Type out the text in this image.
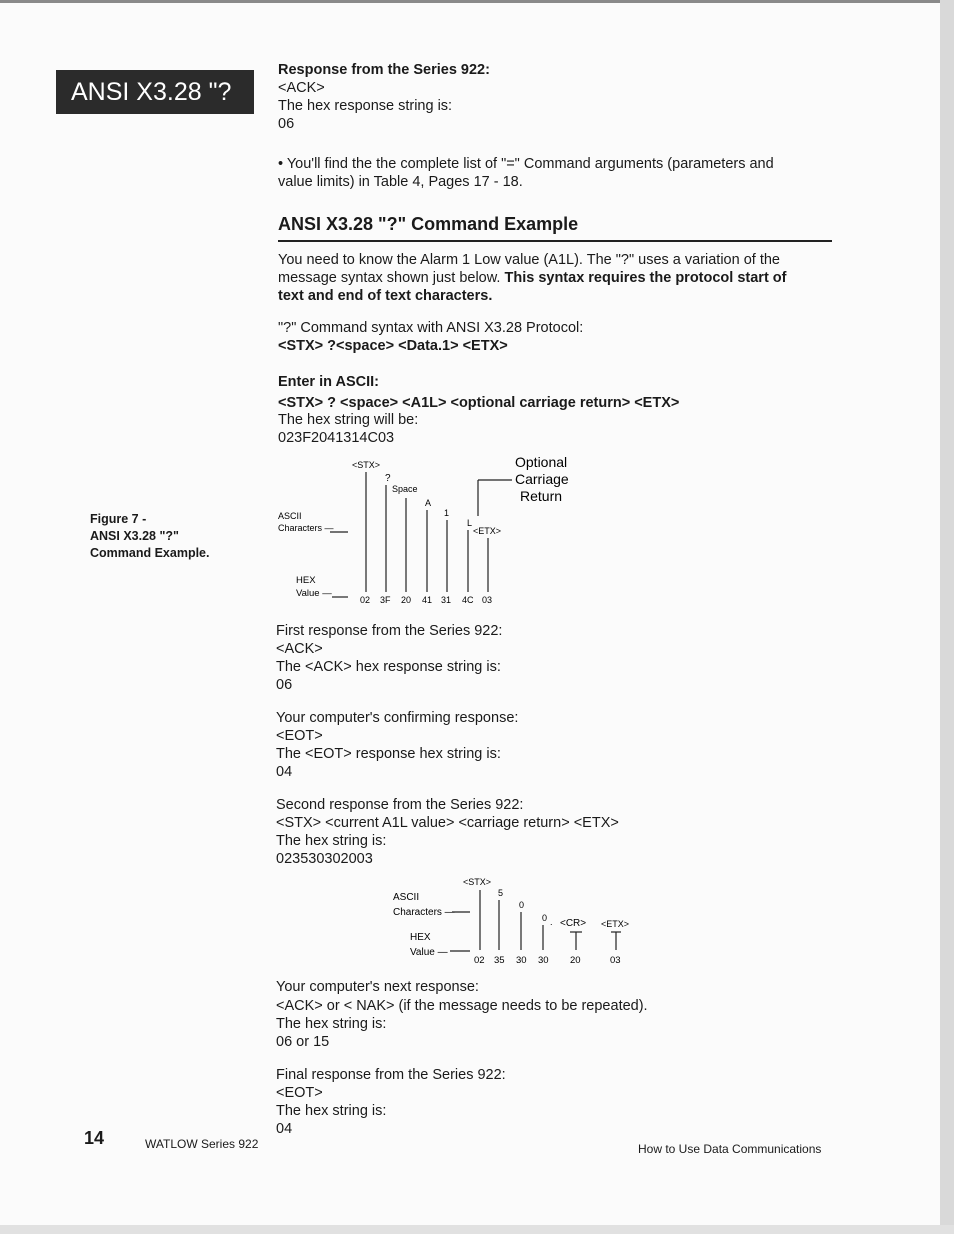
ANSI X3.28 "?
Response from the Series 922:
<ACK>
The hex response string is:
06
• You'll find the the complete list of "=" Command arguments (parameters and
value limits) in Table 4, Pages 17 - 18.
ANSI X3.28 "?" Command Example
You need to know the Alarm 1 Low value (A1L). The "?" uses a variation of the
message syntax shown just below. This syntax requires the protocol start of
text and end of text characters.
"?" Command syntax with ANSI X3.28 Protocol:
<STX> ?<space> <Data.1> <ETX>
Enter in ASCII:
<STX> ? <space> <A1L> <optional carriage return> <ETX>
The hex string will be:
023F2041314C03
Figure 7 -
ANSI X3.28 "?"
Command Example.
ASCII
Characters —
HEX
Value —
<STX>
?
Space
A
1
L
<ETX>
Optional
Carriage
Return
02 3F 20 41 31 4C 03
First response from the Series 922:
<ACK>
The <ACK> hex response string is:
06
Your computer's confirming response:
<EOT>
The <EOT> response hex string is:
04
Second response from the Series 922:
<STX> <current A1L value> <carriage return> <ETX>
The hex string is:
023530302003
<STX>
5
0
0 . <CR> <ETX>
ASCII
Characters —
HEX
Value —
02 35 30 30 20	03
Your computer's next response:
<ACK> or < NAK> (if the message needs to be repeated).
The hex string is:
06 or 15
Final response from the Series 922:
<EOT>
The hex string is:
04
14	WATLOW Series 922	How to Use Data Communications
